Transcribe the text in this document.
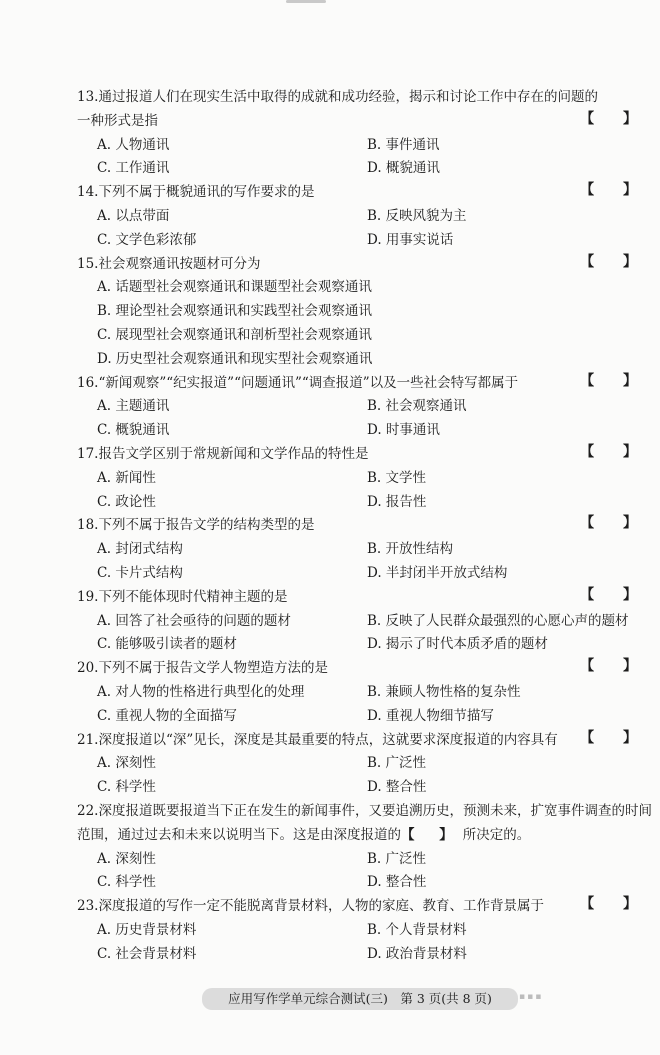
13.通过报道人们在现实生活中取得的成就和成功经验，揭示和讨论工作中存在的问题的一种形式是指	【 】

A. 人物通讯	B. 事件通讯
C. 工作通讯	D. 概貌通讯

14.下列不属于概貌通讯的写作要求的是	【 】

A. 以点带面	B. 反映风貌为主
C. 文学色彩浓郁	D. 用事实说话

15.社会观察通讯按题材可分为	【 】

A. 话题型社会观察通讯和课题型社会观察通讯
B. 理论型社会观察通讯和实践型社会观察通讯
C. 展现型社会观察通讯和剖析型社会观察通讯
D. 历史型社会观察通讯和现实型社会观察通讯

16.“新闻观察”“纪实报道”“问题通讯”“调查报道”以及一些社会特写都属于	【 】

A. 主题通讯	B. 社会观察通讯
C. 概貌通讯	D. 时事通讯

17.报告文学区别于常规新闻和文学作品的特性是	【 】

A. 新闻性	B. 文学性
C. 政论性	D. 报告性

18.下列不属于报告文学的结构类型的是	【 】

A. 封闭式结构	B. 开放性结构
C. 卡片式结构	D. 半封闭半开放式结构

19.下列不能体现时代精神主题的是	【 】

A. 回答了社会亟待的问题的题材	B. 反映了人民群众最强烈的心愿心声的题材
C. 能够吸引读者的题材	D. 揭示了时代本质矛盾的题材

20.下列不属于报告文学人物塑造方法的是	【 】

A. 对人物的性格进行典型化的处理	B. 兼顾人物性格的复杂性
C. 重视人物的全面描写	D. 重视人物细节描写

21.深度报道以“深”见长，深度是其最重要的特点，这就要求深度报道的内容具有 【 】

A. 深刻性	B. 广泛性
C. 科学性	D. 整合性

22.深度报道既要报道当下正在发生的新闻事件，又要追溯历史，预测未来，扩宽事件调查的时间范围，通过过去和未来以说明当下。这是由深度报道的【 】所决定的。

A. 深刻性	B. 广泛性
C. 科学性	D. 整合性

23.深度报道的写作一定不能脱离背景材料，人物的家庭、教育、工作背景属于	【 】

A. 历史背景材料	B. 个人背景材料
C. 社会背景材料	D. 政治背景材料
应用写作学单元综合测试(三)　第 3 页(共 8 页)	▪▪▪
